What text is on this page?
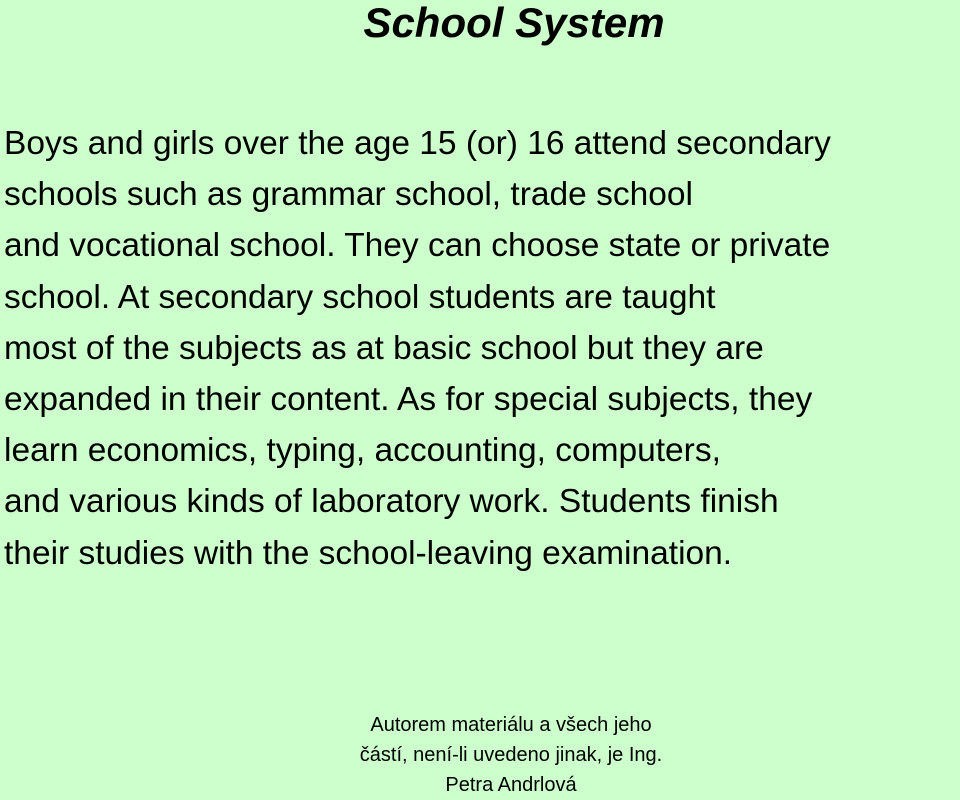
School System

Boys and girls over the age 15 (or) 16 attend secondary
schools such as grammar school, trade school
and vocational school. They can choose state or private
school. At secondary school students are taught
most of the subjects as at basic school but they are
expanded in their content. As for special subjects, they
learn economics, typing, accounting, computers,
and various kinds of laboratory work. Students finish
their studies with the school-leaving examination.

Autorem materiálu a všech jeho
částí, není-li uvedeno jinak, je Ing.
Petra Andrlová
